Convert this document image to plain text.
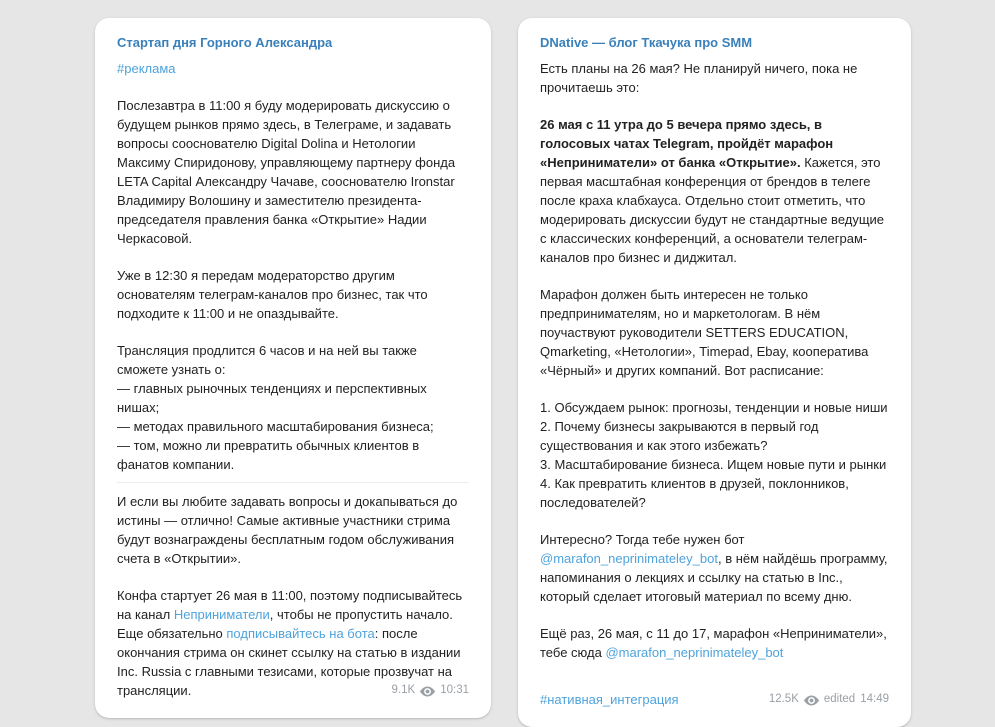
Стартап дня Горного Александра
#реклама
Послезавтра в 11:00 я буду модерировать дискуссию о будущем рынков прямо здесь, в Телеграме, и задавать вопросы сооснователю Digital Dolina и Нетологии Максиму Спиридонову, управляющему партнеру фонда LETA Capital Александру Чачаве, сооснователю Ironstar Владимиру Волошину и заместителю президента-председателя правления банка «Открытие» Надии Черкасовой.
Уже в 12:30 я передам модераторство другим основателям телеграм-каналов про бизнес, так что подходите к 11:00 и не опаздывайте.
Трансляция продлится 6 часов и на ней вы также сможете узнать о:
— главных рыночных тенденциях и перспективных нишах;
— методах правильного масштабирования бизнеса;
— том, можно ли превратить обычных клиентов в фанатов компании.
И если вы любите задавать вопросы и докапываться до истины — отлично! Самые активные участники стрима будут вознаграждены бесплатным годом обслуживания счета в «Открытии».
Конфа стартует 26 мая в 11:00, поэтому подписывайтесь на канал Неприниматели, чтобы не пропустить начало. Еще обязательно подписывайтесь на бота: после окончания стрима он скинет ссылку на статью в издании Inc. Russia с главными тезисами, которые прозвучат на трансляции.	9.1K 10:31
DNative — блог Ткачука про SMM
Есть планы на 26 мая? Не планируй ничего, пока не прочитаешь это:
26 мая с 11 утра до 5 вечера прямо здесь, в голосовых чатах Telegram, пройдёт марафон «Неприниматели» от банка «Открытие». Кажется, это первая масштабная конференция от брендов в телеге после краха клабхауса. Отдельно стоит отметить, что модерировать дискуссии будут не стандартные ведущие с классических конференций, а основатели телеграм-каналов про бизнес и диджитал.
Марафон должен быть интересен не только предпринимателям, но и маркетологам. В нём поучаствуют руководители SETTERS EDUCATION, Qmarketing, «Нетологии», Timepad, Ebay, кооператива «Чёрный» и других компаний. Вот расписание:
1. Обсуждаем рынок: прогнозы, тенденции и новые ниши
2. Почему бизнесы закрываются в первый год существования и как этого избежать?
3. Масштабирование бизнеса. Ищем новые пути и рынки
4. Как превратить клиентов в друзей, поклонников, последователей?
Интересно? Тогда тебе нужен бот @marafon_neprinimateley_bot, в нём найдёшь программу, напоминания о лекциях и ссылку на статью в Inc., который сделает итоговый материал по всему дню.
Ещё раз, 26 мая, с 11 до 17, марафон «Неприниматели», тебе сюда @marafon_neprinimateley_bot
#нативная_интеграция	12.5K edited 14:49
